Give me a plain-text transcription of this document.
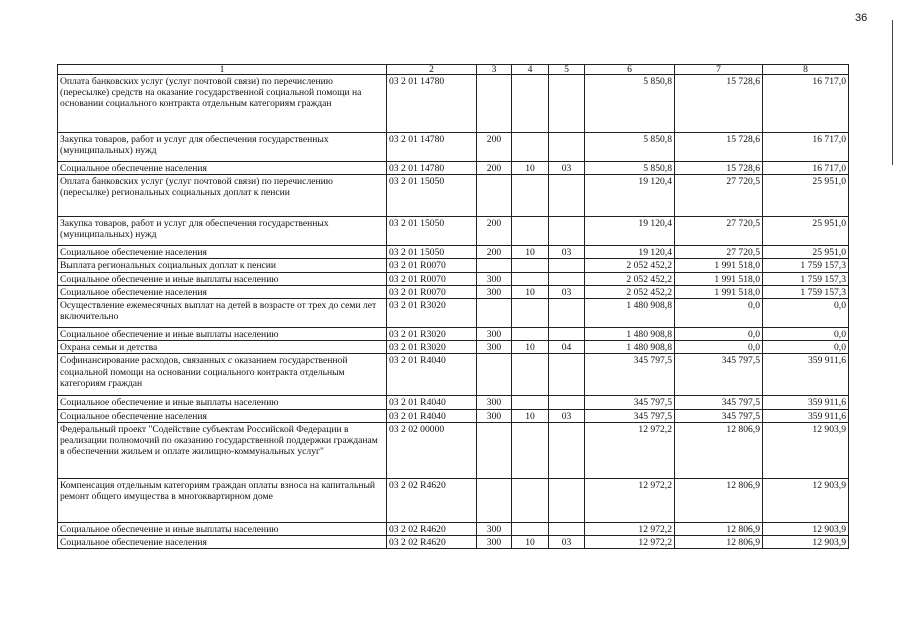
36
1	2	3	4	5	6	7	8
Оплата банковских услуг (услуг почтовой связи) по перечислению (пересылке) средств на оказание государственной социальной помощи на основании социального контракта отдельным категориям граждан	03 2 01 14780				5 850,8	15 728,6	16 717,0
Закупка товаров, работ и услуг для обеспечения государственных (муниципальных) нужд	03 2 01 14780	200			5 850,8	15 728,6	16 717,0
Социальное обеспечение населения	03 2 01 14780	200	10	03	5 850,8	15 728,6	16 717,0
Оплата банковских услуг (услуг почтовой связи) по перечислению (пересылке) региональных социальных доплат к пенсии	03 2 01 15050				19 120,4	27 720,5	25 951,0
Закупка товаров, работ и услуг для обеспечения государственных (муниципальных) нужд	03 2 01 15050	200			19 120,4	27 720,5	25 951,0
Социальное обеспечение населения	03 2 01 15050	200	10	03	19 120,4	27 720,5	25 951,0
Выплата региональных социальных доплат к пенсии	03 2 01 R0070				2 052 452,2	1 991 518,0	1 759 157,3
Социальное обеспечение и иные выплаты населению	03 2 01 R0070	300			2 052 452,2	1 991 518,0	1 759 157,3
Социальное обеспечение населения	03 2 01 R0070	300	10	03	2 052 452,2	1 991 518,0	1 759 157,3
Осуществление ежемесячных выплат на детей в возрасте от трех до семи лет включительно	03 2 01 R3020				1 480 908,8	0,0	0,0
Социальное обеспечение и иные выплаты населению	03 2 01 R3020	300			1 480 908,8	0,0	0,0
Охрана семьи и детства	03 2 01 R3020	300	10	04	1 480 908,8	0,0	0,0
Софинансирование расходов, связанных с оказанием государственной социальной помощи на основании социального контракта отдельным категориям граждан	03 2 01 R4040				345 797,5	345 797,5	359 911,6
Социальное обеспечение и иные выплаты населению	03 2 01 R4040	300			345 797,5	345 797,5	359 911,6
Социальное обеспечение населения	03 2 01 R4040	300	10	03	345 797,5	345 797,5	359 911,6
Федеральный проект "Содействие субъектам Российской Федерации в реализации полномочий по оказанию государственной поддержки гражданам в обеспечении жильем и оплате жилищно-коммунальных услуг"	03 2 02 00000				12 972,2	12 806,9	12 903,9
Компенсация отдельным категориям граждан оплаты взноса на капитальный ремонт общего имущества в многоквартирном доме	03 2 02 R4620				12 972,2	12 806,9	12 903,9
Социальное обеспечение и иные выплаты населению	03 2 02 R4620	300			12 972,2	12 806,9	12 903,9
Социальное обеспечение населения	03 2 02 R4620	300	10	03	12 972,2	12 806,9	12 903,9
